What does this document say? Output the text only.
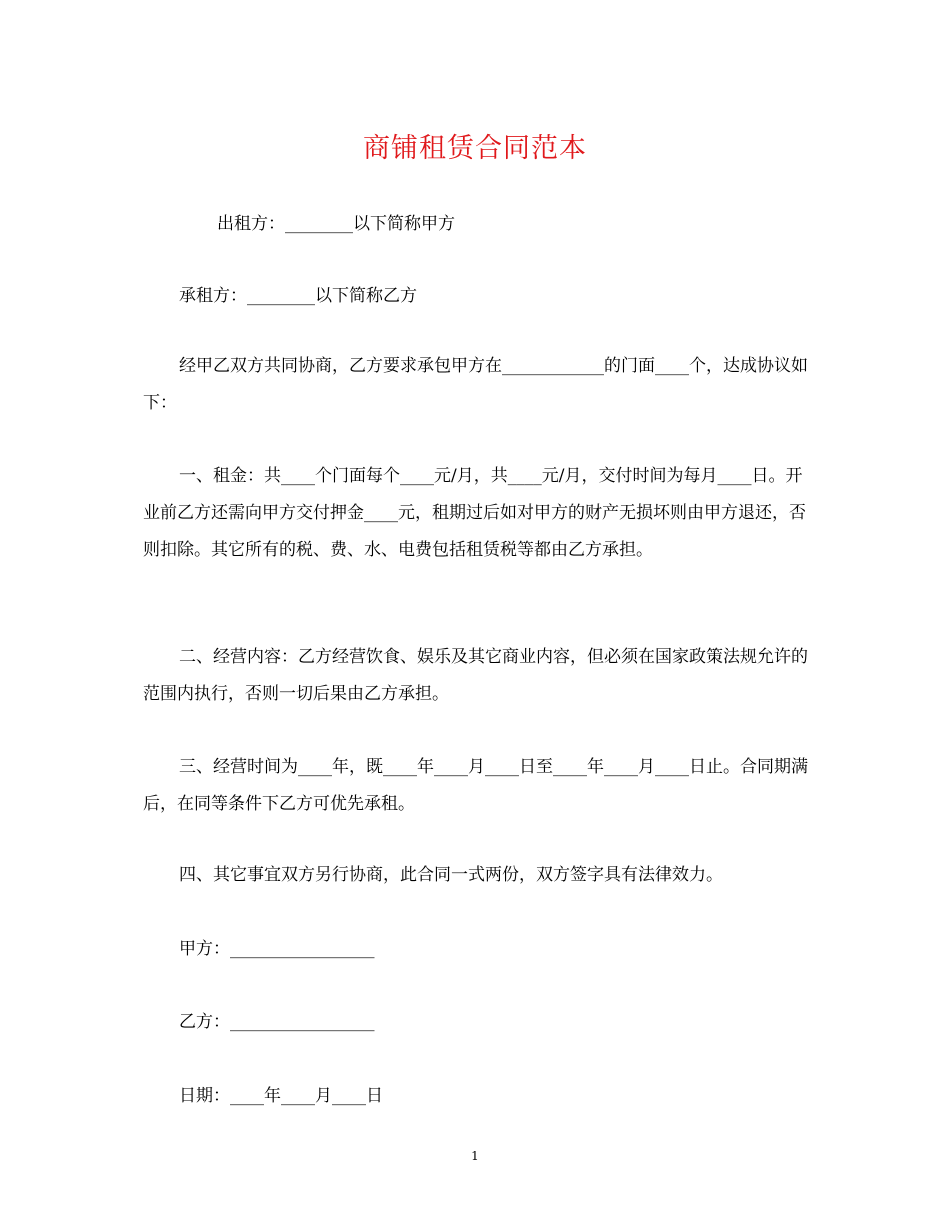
商铺租赁合同范本
出租方：________以下简称甲方
承租方：________以下简称乙方
经甲乙双方共同协商，乙方要求承包甲方在____________的门面____个，达成协议如下：
一、租金：共____个门面每个____元/月，共____元/月，交付时间为每月____日。开业前乙方还需向甲方交付押金____元，租期过后如对甲方的财产无损坏则由甲方退还，否则扣除。其它所有的税、费、水、电费包括租赁税等都由乙方承担。
二、经营内容：乙方经营饮食、娱乐及其它商业内容，但必须在国家政策法规允许的范围内执行，否则一切后果由乙方承担。
三、经营时间为____年，既____年____月____日至____年____月____日止。合同期满后，在同等条件下乙方可优先承租。
四、其它事宜双方另行协商，此合同一式两份，双方签字具有法律效力。
甲方：_________________
乙方：_________________
日期：____年____月____日
1
